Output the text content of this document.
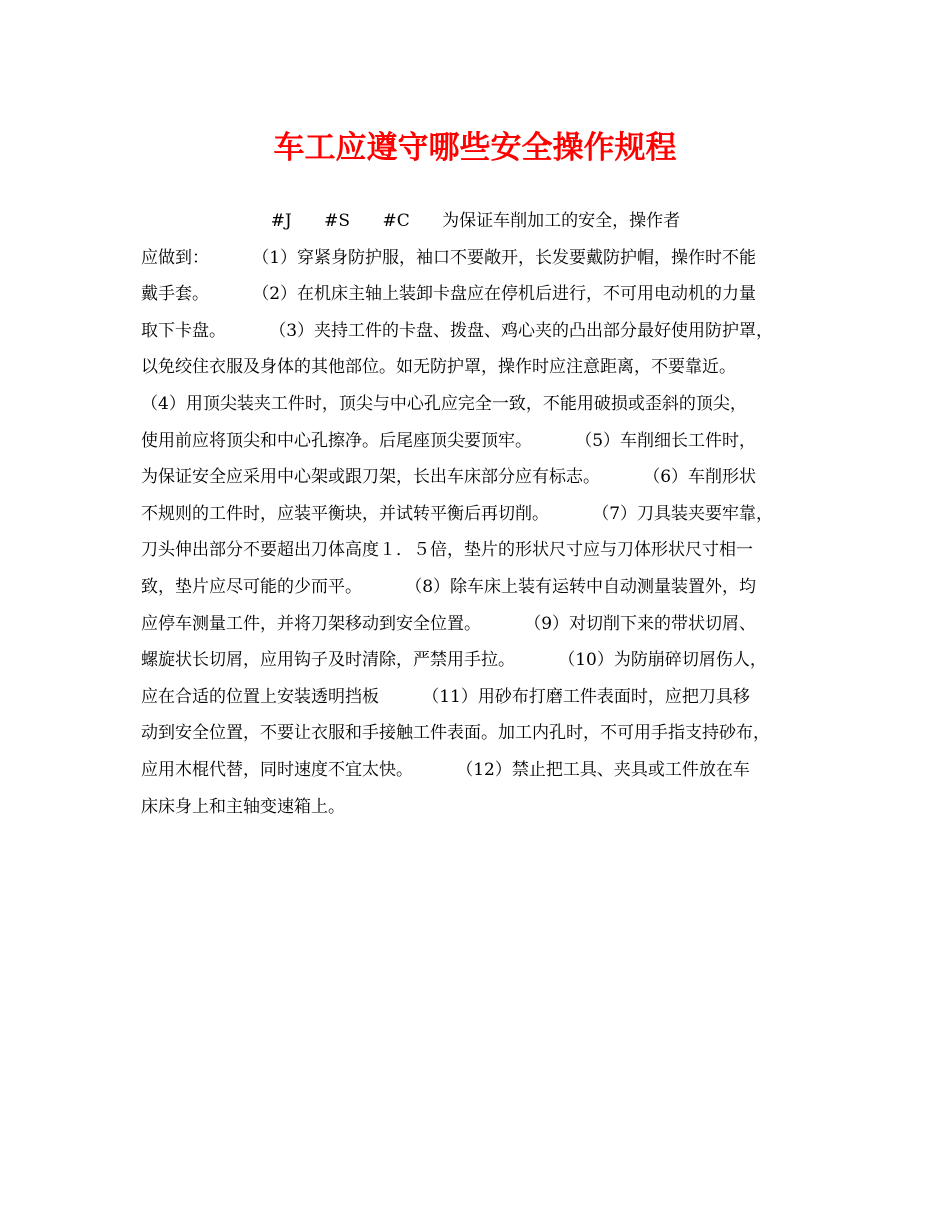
车工应遵守哪些安全操作规程
#J      #S      #C      为保证车削加工的安全，操作者
应做到：        （1）穿紧身防护服，袖口不要敞开，长发要戴防护帽，操作时不能
戴手套。        （2）在机床主轴上装卸卡盘应在停机后进行，不可用电动机的力量
取下卡盘。        （3）夹持工件的卡盘、拨盘、鸡心夹的凸出部分最好使用防护罩，
以免绞住衣服及身体的其他部位。如无防护罩，操作时应注意距离，不要靠近。
（4）用顶尖装夹工件时，顶尖与中心孔应完全一致，不能用破损或歪斜的顶尖，
使用前应将顶尖和中心孔擦净。后尾座顶尖要顶牢。        （5）车削细长工件时，
为保证安全应采用中心架或跟刀架，长出车床部分应有标志。        （6）车削形状
不规则的工件时，应装平衡块，并试转平衡后再切削。        （7）刀具装夹要牢靠，
刀头伸出部分不要超出刀体高度１．５倍，垫片的形状尺寸应与刀体形状尺寸相一
致，垫片应尽可能的少而平。        （8）除车床上装有运转中自动测量装置外，均
应停车测量工件，并将刀架移动到安全位置。        （9）对切削下来的带状切屑、
螺旋状长切屑，应用钩子及时清除，严禁用手拉。        （10）为防崩碎切屑伤人，
应在合适的位置上安装透明挡板        （11）用砂布打磨工件表面时，应把刀具移
动到安全位置，不要让衣服和手接触工件表面。加工内孔时，不可用手指支持砂布，
应用木棍代替，同时速度不宜太快。        （12）禁止把工具、夹具或工件放在车
床床身上和主轴变速箱上。
